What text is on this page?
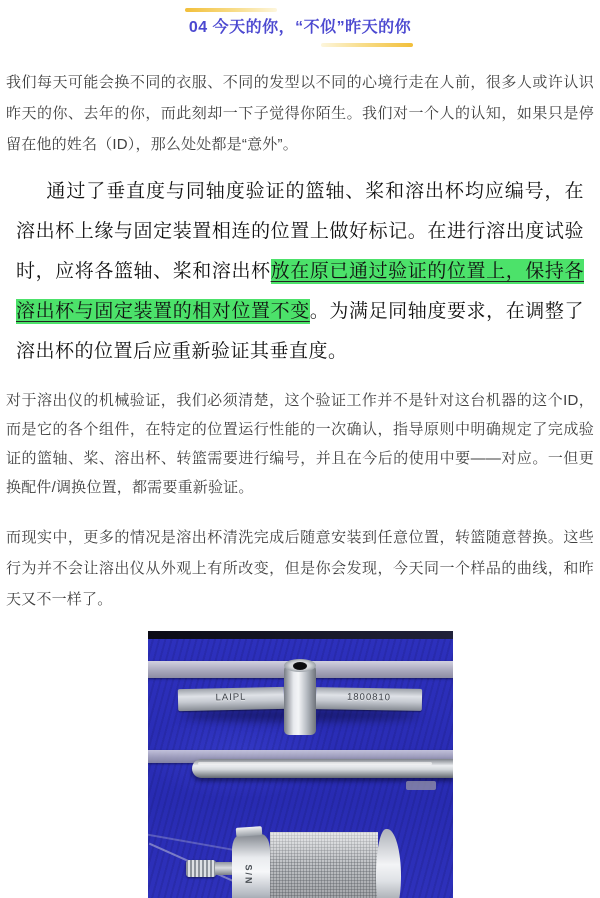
04 今天的你，“不似”昨天的你

我们每天可能会换不同的衣服、不同的发型以不同的心境行走在人前，很多人或许认识昨天的你、去年的你，而此刻却一下子觉得你陌生。我们对一个人的认知，如果只是停留在他的姓名（ID），那么处处都是“意外”。

通过了垂直度与同轴度验证的篮轴、桨和溶出杯均应编号，在溶出杯上缘与固定装置相连的位置上做好标记。在进行溶出度试验时，应将各篮轴、桨和溶出杯放在原已通过验证的位置上，保持各溶出杯与固定装置的相对位置不变。为满足同轴度要求，在调整了溶出杯的位置后应重新验证其垂直度。

对于溶出仪的机械验证，我们必须清楚，这个验证工作并不是针对这台机器的这个ID，而是它的各个组件，在特定的位置运行性能的一次确认，指导原则中明确规定了完成验证的篮轴、桨、溶出杯、转篮需要进行编号，并且在今后的使用中要——对应。一但更换配件/调换位置，都需要重新验证。

而现实中，更多的情况是溶出杯清洗完成后随意安装到任意位置，转篮随意替换。这些行为并不会让溶出仪从外观上有所改变，但是你会发现，今天同一个样品的曲线，和昨天又不一样了。

LAIPL	1800810
S/N
